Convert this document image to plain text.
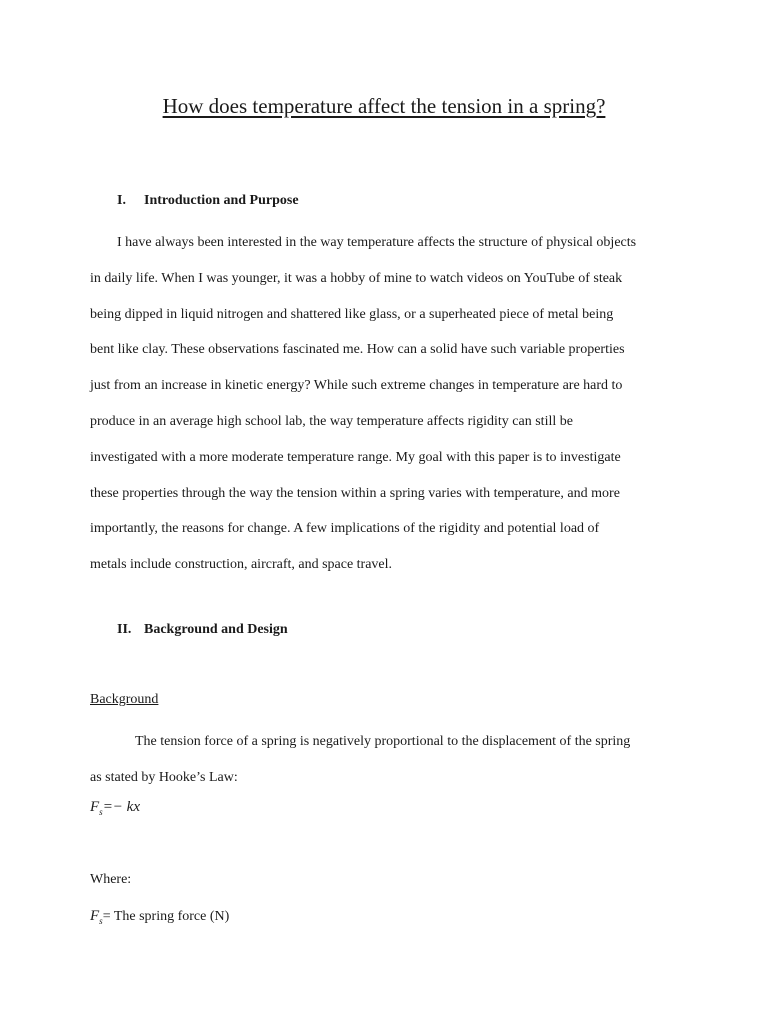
How does temperature affect the tension in a spring?
I. Introduction and Purpose

I have always been interested in the way temperature affects the structure of physical objects

in daily life. When I was younger, it was a hobby of mine to watch videos on YouTube of steak
being dipped in liquid nitrogen and shattered like glass, or a superheated piece of metal being
bent like clay. These observations fascinated me. How can a solid have such variable properties
just from an increase in kinetic energy? While such extreme changes in temperature are hard to
produce in an average high school lab, the way temperature affects rigidity can still be
investigated with a more moderate temperature range. My goal with this paper is to investigate
these properties through the way the tension within a spring varies with temperature, and more
importantly, the reasons for change. A few implications of the rigidity and potential load of
metals include construction, aircraft, and space travel.
II. Background and Design
Background
The tension force of a spring is negatively proportional to the displacement of the spring
as stated by Hooke’s Law:
$F_s=-$ kx
Where:
$F_s=$ The spring force (N)
